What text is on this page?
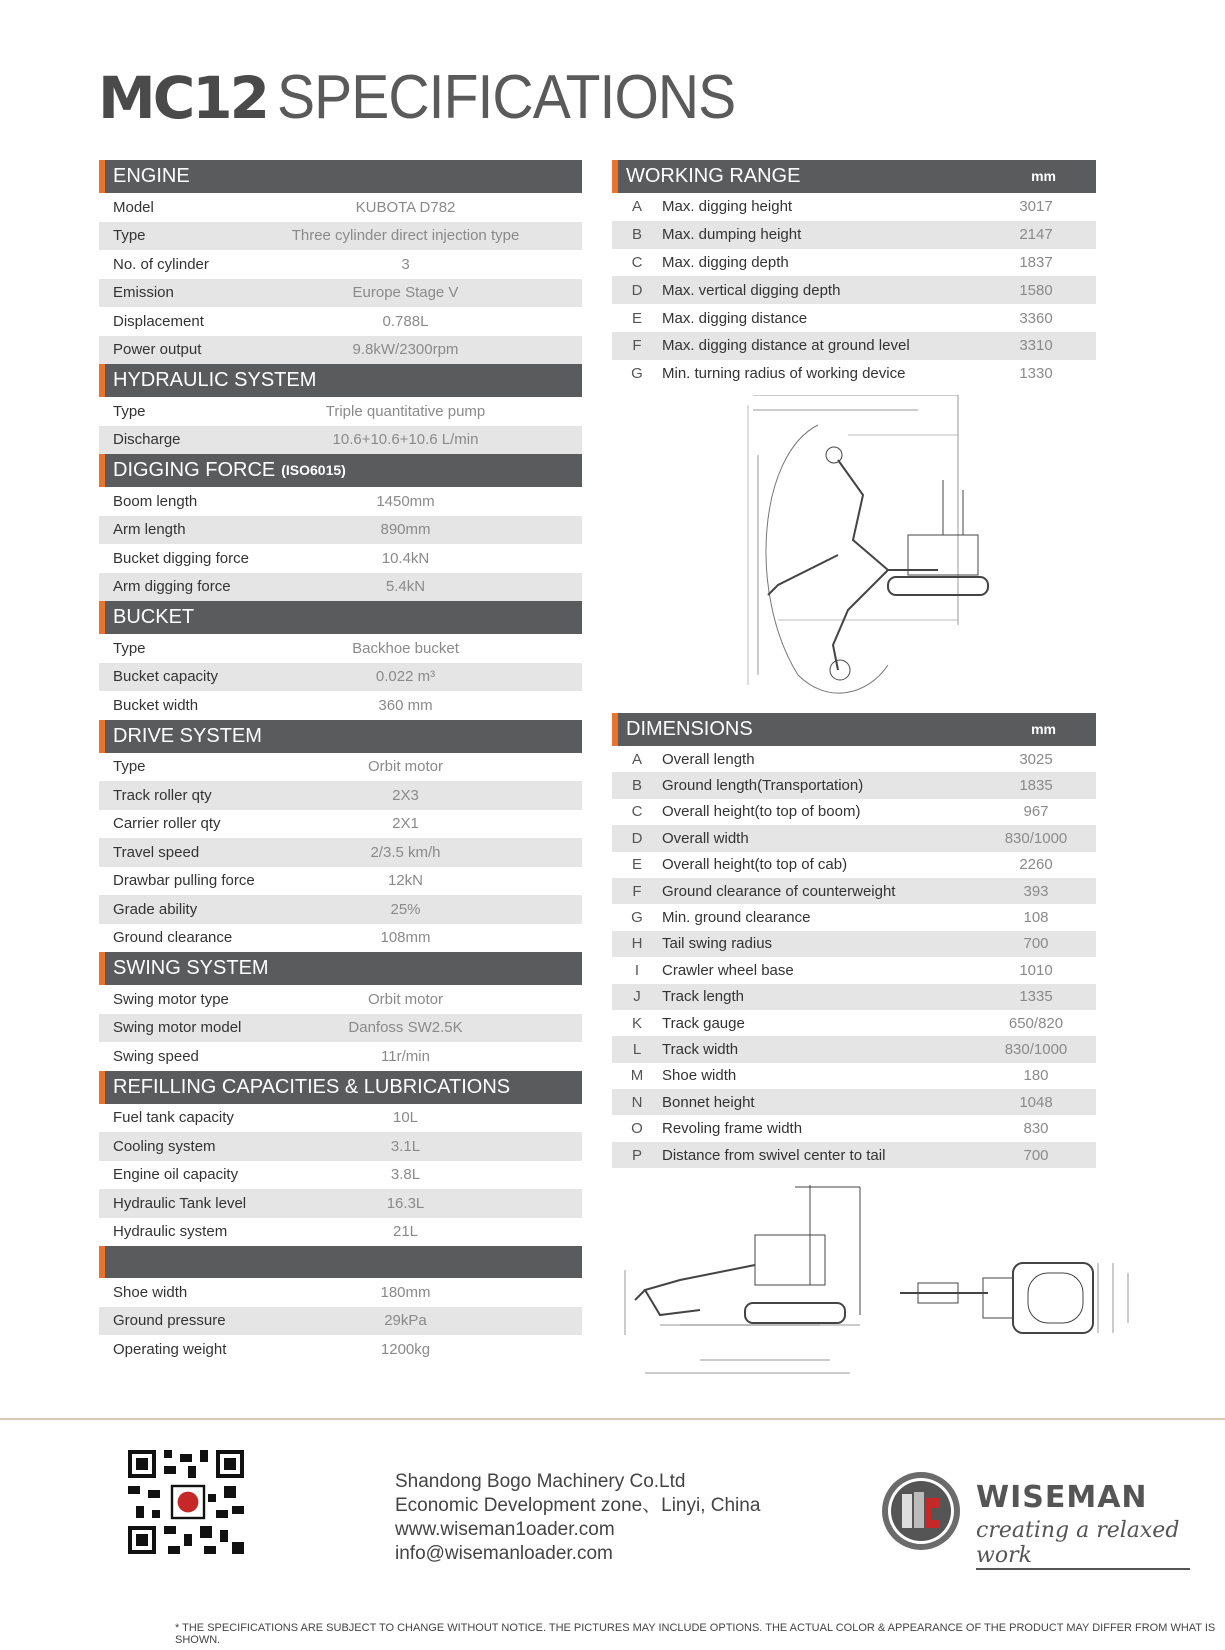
MC12 SPECIFICATIONS
ENGINE
Model	KUBOTA D782
Type	Three cylinder direct injection type
No. of cylinder	3
Emission	Europe Stage V
Displacement	0.788L
Power output	9.8kW/2300rpm
HYDRAULIC SYSTEM
Type	Triple quantitative pump
Discharge	10.6+10.6+10.6 L/min
DIGGING FORCE (ISO6015)
Boom length	1450mm
Arm length	890mm
Bucket digging force	10.4kN
Arm digging force	5.4kN
BUCKET
Type	Backhoe bucket
Bucket capacity	0.022 m³
Bucket width	360 mm
DRIVE SYSTEM
Type	Orbit motor
Track roller qty	2X3
Carrier roller qty	2X1
Travel speed	2/3.5 km/h
Drawbar pulling force	12kN
Grade ability	25%
Ground clearance	108mm
SWING SYSTEM
Swing motor type	Orbit motor
Swing motor model	Danfoss SW2.5K
Swing speed	11r/min
REFILLING CAPACITIES & LUBRICATIONS
Fuel tank capacity	10L
Cooling system	3.1L
Engine oil capacity	3.8L
Hydraulic Tank level	16.3L
Hydraulic system	21L
Shoe width	180mm
Ground pressure	29kPa
Operating weight	1200kg
WORKING RANGE	mm
A	Max. digging height	3017
B	Max. dumping height	2147
C	Max. digging depth	1837
D	Max. vertical digging depth	1580
E	Max. digging distance	3360
F	Max. digging distance at ground level	3310
G	Min. turning radius of working device	1330
DIMENSIONS	mm
A	Overall length	3025
B	Ground length(Transportation)	1835
C	Overall height(to top of boom)	967
D	Overall width	830/1000
E	Overall height(to top of cab)	2260
F	Ground clearance of counterweight	393
G	Min. ground clearance	108
H	Tail swing radius	700
I	Crawler wheel base	1010
J	Track length	1335
K	Track gauge	650/820
L	Track width	830/1000
M	Shoe width	180
N	Bonnet height	1048
O	Revoling frame width	830
P	Distance from swivel center to tail	700
Shandong Bogo Machinery Co.Ltd
Economic Development zone、Linyi, China
www.wiseman1oader.com
info@wisemanloader.com
WISEMAN
creating a relaxed work
* THE SPECIFICATIONS ARE SUBJECT TO CHANGE WITHOUT NOTICE. THE PICTURES MAY INCLUDE OPTIONS. THE ACTUAL COLOR & APPEARANCE OF THE PRODUCT MAY DIFFER FROM WHAT IS SHOWN.
